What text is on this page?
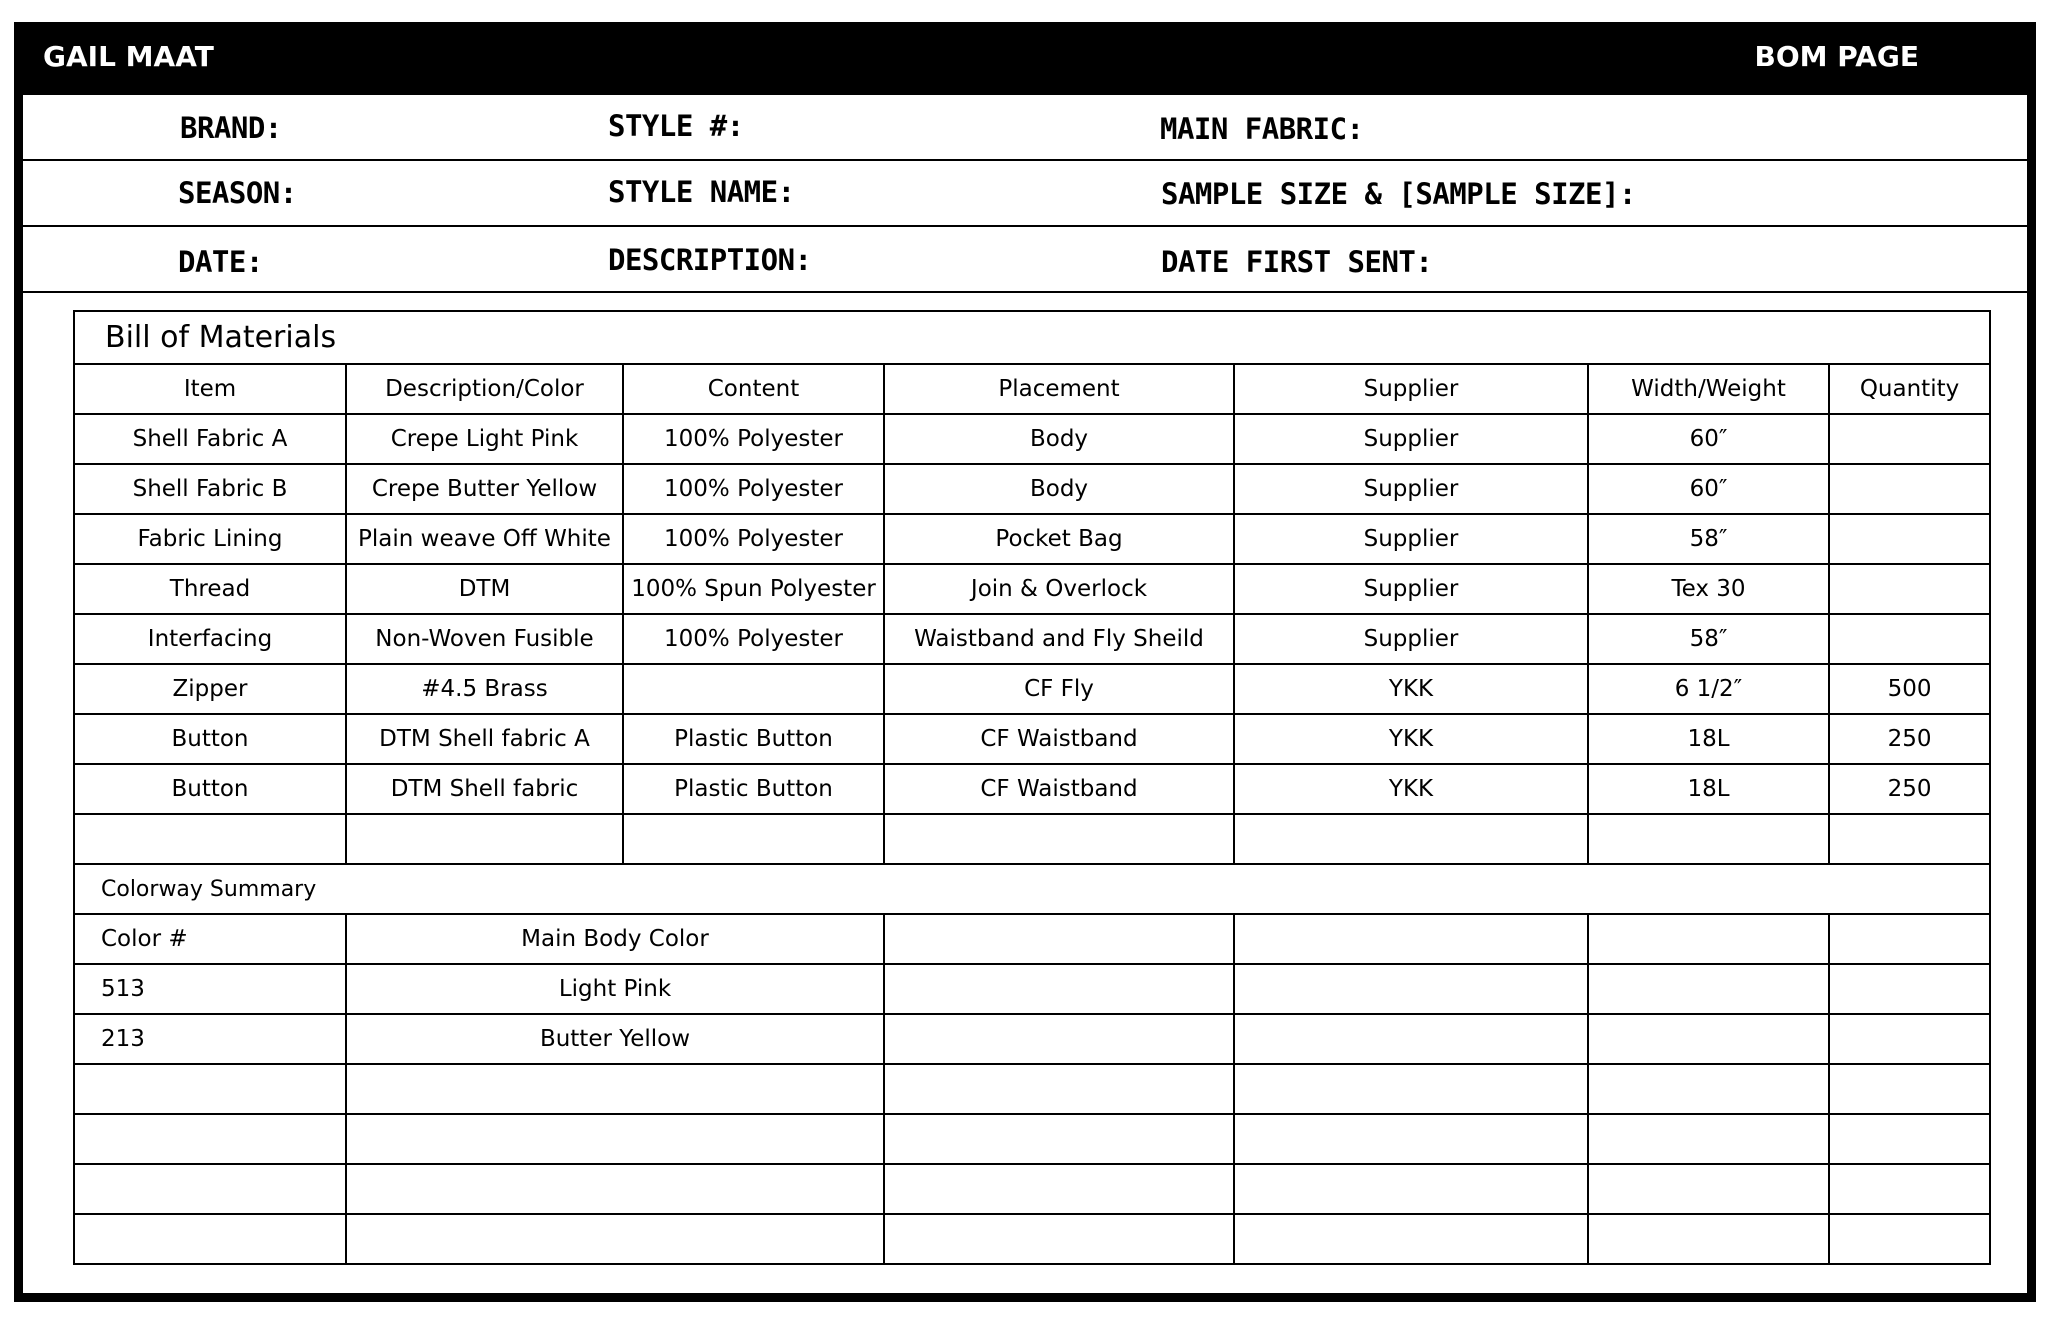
GAIL MAAT	BOM PAGE
BRAND:	STYLE #:	MAIN FABRIC:
SEASON:	STYLE NAME:	SAMPLE SIZE & [SAMPLE SIZE]:
DATE:	DESCRIPTION:	DATE FIRST SENT:
Bill of Materials						
Item	Description/Color	Content	Placement	Supplier	Width/Weight	Quantity
Shell Fabric A	Crepe Light Pink	100% Polyester	Body	Supplier	60″	
Shell Fabric B	Crepe Butter Yellow	100% Polyester	Body	Supplier	60″	
Fabric Lining	Plain weave Off White	100% Polyester	Pocket Bag	Supplier	58″	
Thread	DTM	100% Spun Polyester	Join & Overlock	Supplier	Tex 30	
Interfacing	Non-Woven Fusible	100% Polyester	Waistband and Fly Sheild	Supplier	58″	
Zipper	#4.5 Brass		CF Fly	YKK	6 1/2″	500
Button	DTM Shell fabric A	Plastic Button	CF Waistband	YKK	18L	250
Button	DTM Shell fabric	Plastic Button	CF Waistband	YKK	18L	250

Colorway Summary						
Color #	Main Body Color					
513	Light Pink					
213	Butter Yellow					
